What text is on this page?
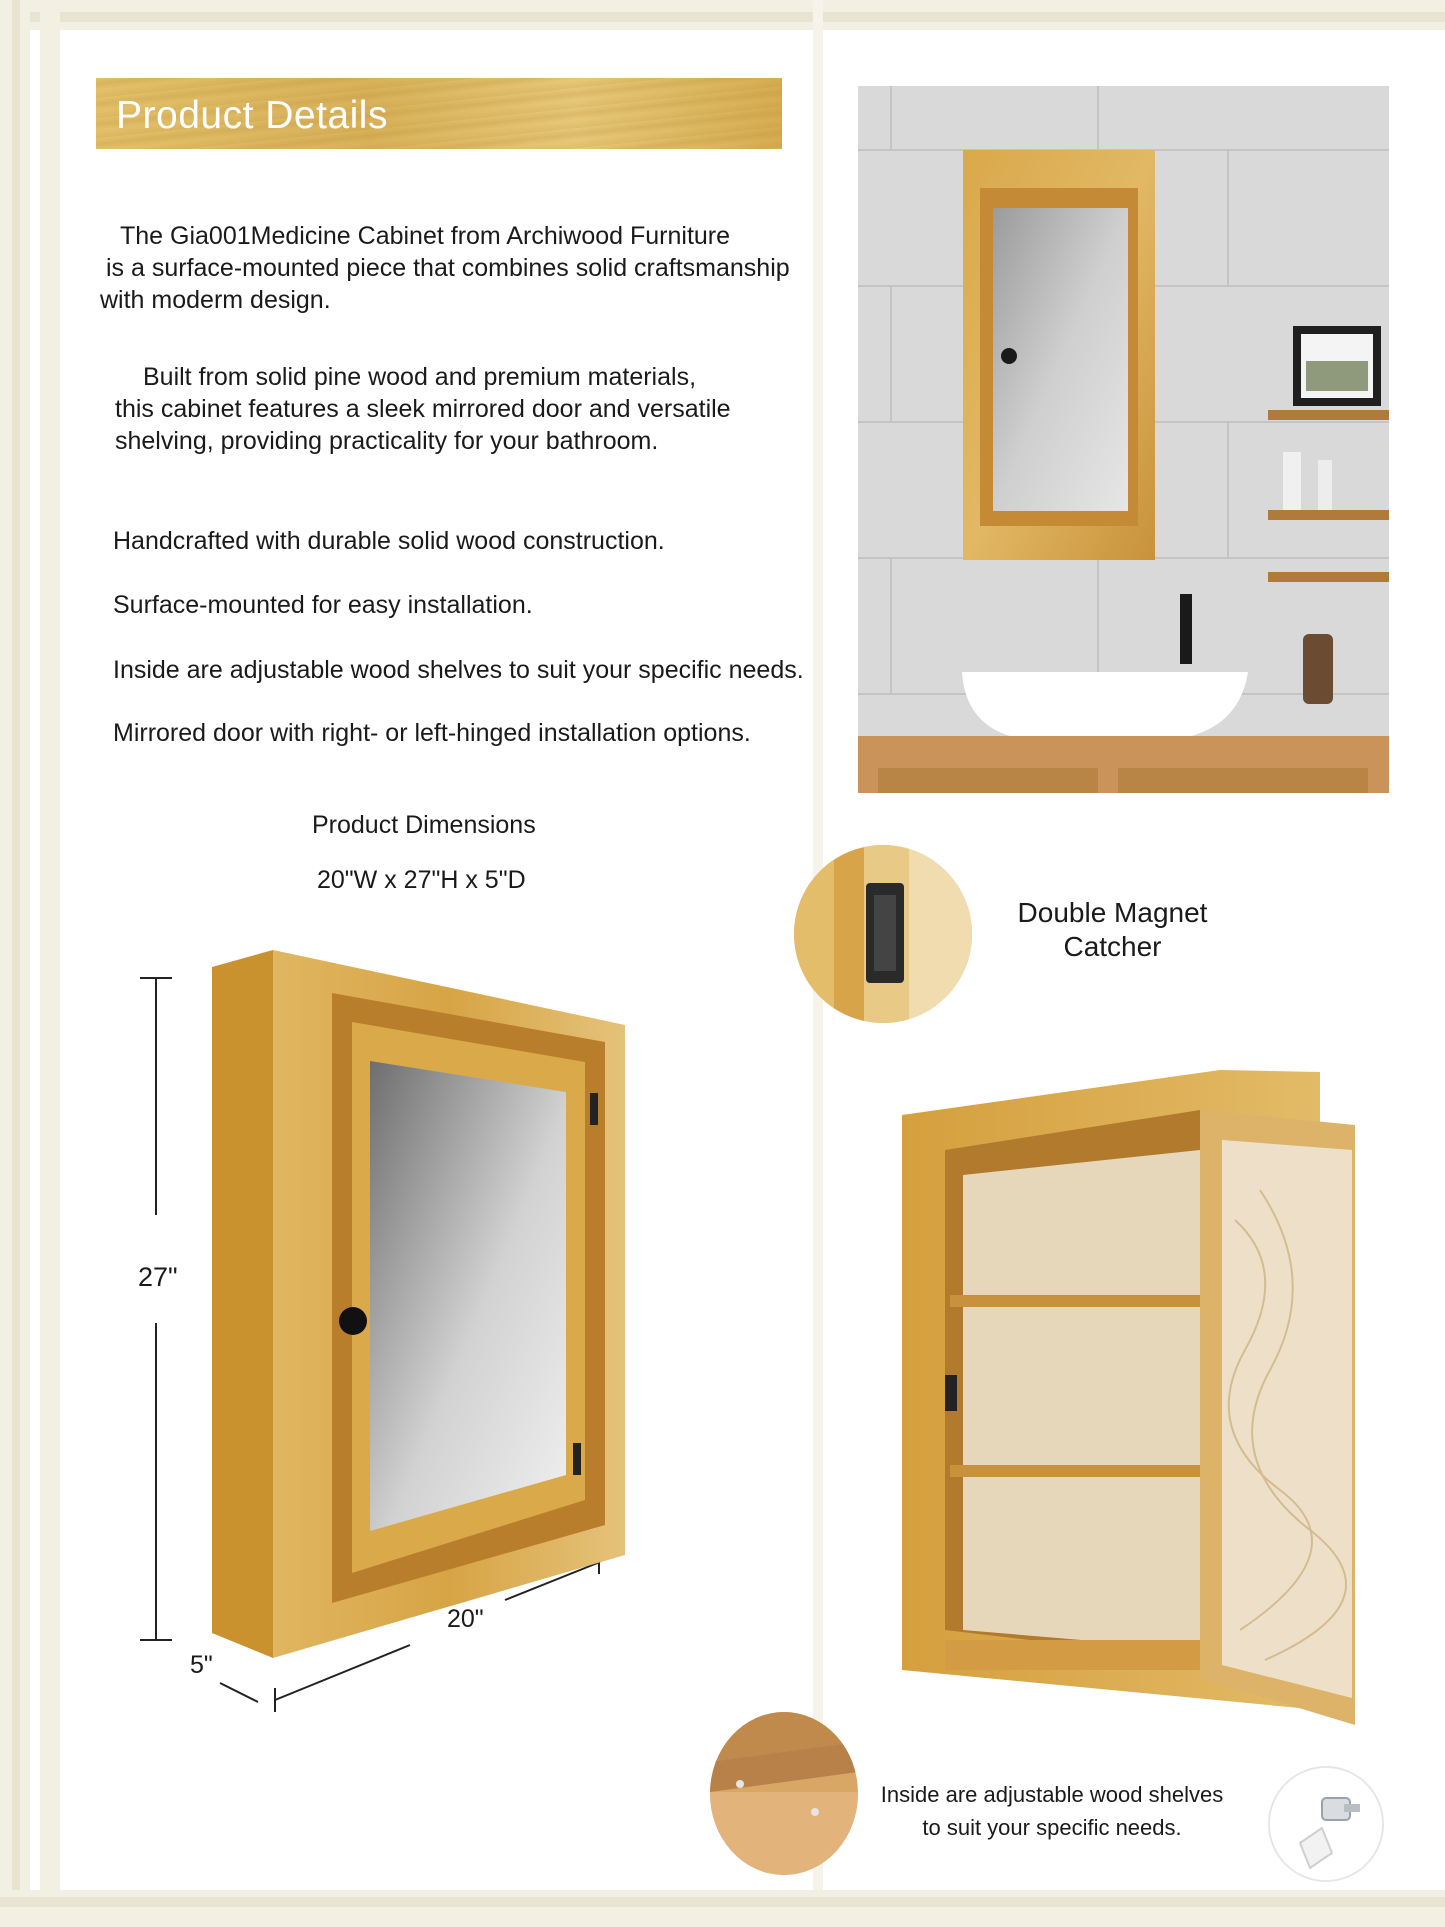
Product Details

The Gia001Medicine Cabinet from Archiwood Furniture
is a surface-mounted piece that combines solid craftsmanship
with moderm design.

Built from solid pine wood and premium materials,
this cabinet features a sleek mirrored door and versatile
shelving, providing practicality for your bathroom.

Handcrafted with durable solid wood construction.

Surface-mounted for easy installation.

Inside are adjustable wood shelves to suit your specific needs.

Mirrored door with right- or left-hinged installation options.

Product Dimensions
20"W x 27"H x 5"D
Double Magnet
Catcher
27"
20"
5"
Inside are adjustable wood shelves
to suit your specific needs.
